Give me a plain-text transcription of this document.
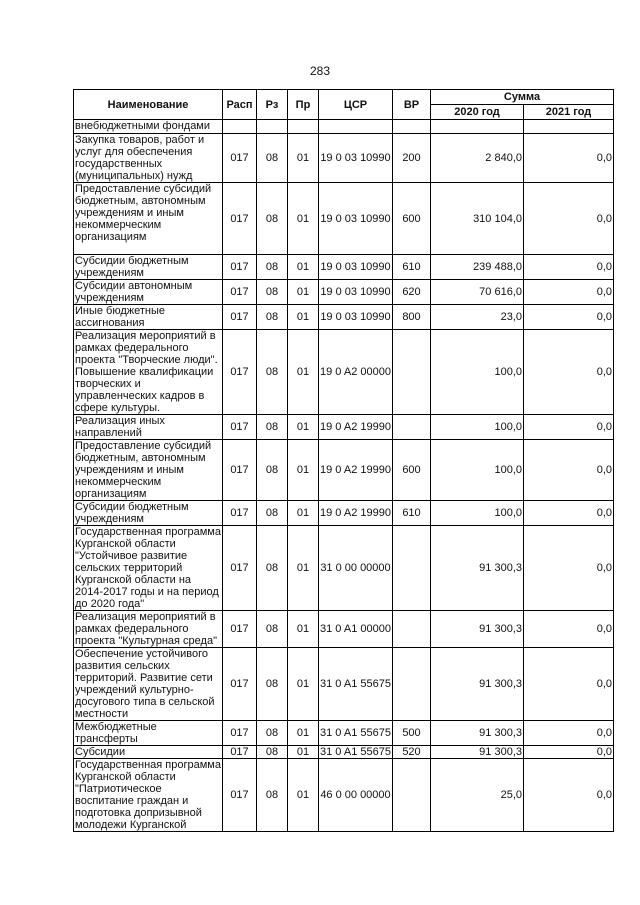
283
Наименование	Расп	Рз	Пр	ЦСР	ВР	Сумма	
						2020 год	2021 год
внебюджетными фондами							
Закупка товаров, работ и услуг для обеспечения государственных (муниципальных) нужд	017	08	01	19 0 03 10990	200	2 840,0	0,0
Предоставление субсидий бюджетным, автономным учреждениям и иным некоммерческим организациям	017	08	01	19 0 03 10990	600	310 104,0	0,0
Субсидии бюджетным учреждениям	017	08	01	19 0 03 10990	610	239 488,0	0,0
Субсидии автономным учреждениям	017	08	01	19 0 03 10990	620	70 616,0	0,0
Иные бюджетные ассигнования	017	08	01	19 0 03 10990	800	23,0	0,0
Реализация мероприятий в рамках федерального проекта "Творческие люди". Повышение квалификации творческих и управленческих кадров в сфере культуры.	017	08	01	19 0 A2 00000		100,0	0,0
Реализация иных направлений	017	08	01	19 0 A2 19990		100,0	0,0
Предоставление субсидий бюджетным, автономным учреждениям и иным некоммерческим организациям	017	08	01	19 0 A2 19990	600	100,0	0,0
Субсидии бюджетным учреждениям	017	08	01	19 0 A2 19990	610	100,0	0,0
Государственная программа Курганской области "Устойчивое развитие сельских территорий Курганской области на 2014-2017 годы и на период до 2020 года"	017	08	01	31 0 00 00000		91 300,3	0,0
Реализация мероприятий в рамках федерального проекта "Культурная среда"	017	08	01	31 0 A1 00000		91 300,3	0,0
Обеспечение устойчивого развития сельских территорий. Развитие сети учреждений культурно-досугового типа в сельской местности	017	08	01	31 0 A1 55675		91 300,3	0,0
Межбюджетные трансферты	017	08	01	31 0 A1 55675	500	91 300,3	0,0
Субсидии	017	08	01	31 0 A1 55675	520	91 300,3	0,0
Государственная программа Курганской области "Патриотическое воспитание граждан и подготовка допризывной молодежи Курганской	017	08	01	46 0 00 00000		25,0	0,0
